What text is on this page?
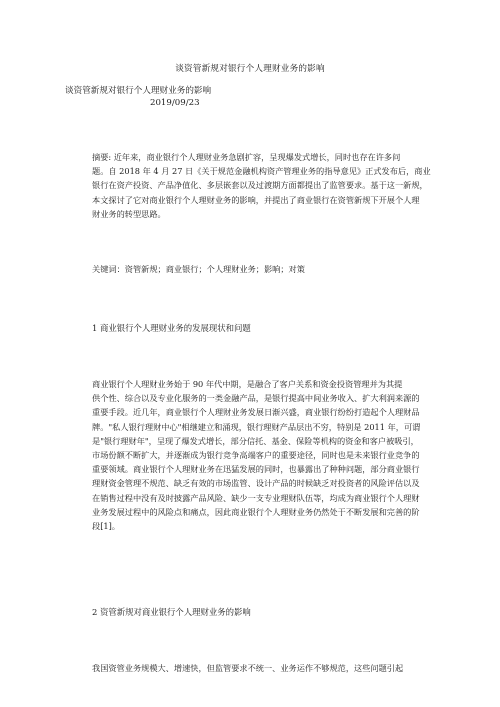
谈资管新规对银行个人理财业务的影响
谈资管新规对银行个人理财业务的影响
2019/09/23

摘要: 近年来，商业银行个人理财业务急剧扩容，呈现爆发式增长，同时也存在许多问

题。自 2018 年 4 月 27 日《关于规范金融机构资产管理业务的指导意见》正式发布后，商业

银行在资产投资、产品净值化、多层嵌套以及过渡期方面都提出了监管要求。基于这一新规，

本文探讨了它对商业银行个人理财业务的影响，并提出了商业银行在资管新规下开展个人理

财业务的转型思路。

关键词：资管新规；商业银行；个人理财业务；影响；对策
1 商业银行个人理财业务的发展现状和问题

商业银行个人理财业务始于 90 年代中期，是融合了客户关系和资金投资管理并为其提

供个性、综合以及专业化服务的一类金融产品，是银行提高中间业务收入、扩大利润来源的

重要手段。近几年，商业银行个人理财业务发展日渐兴盛，商业银行纷纷打造起个人理财品

牌。"私人银行理财中心"相继建立和涌现，银行理财产品层出不穷，特别是 2011 年，可谓

是"银行理财年"，呈现了爆发式增长，部分信托、基金、保险等机构的资金和客户被吸引，

市场份额不断扩大，并逐渐成为银行竞争高端客户的重要途径，同时也是未来银行业竞争的

重要领域。商业银行个人理财业务在迅猛发展的同时，也暴露出了种种问题，部分商业银行

理财资金管理不规范、缺乏有效的市场监管、设计产品的时候缺乏对投资者的风险评估以及

在销售过程中没有及时披露产品风险、缺少一支专业理财队伍等，均成为商业银行个人理财

业务发展过程中的风险点和痛点，因此商业银行个人理财业务仍然处于不断发展和完善的阶

段[1]。

2 资管新规对商业银行个人理财业务的影响

我国资管业务规模大、增速快，但监管要求不统一、业务运作不够规范，这些问题引起
